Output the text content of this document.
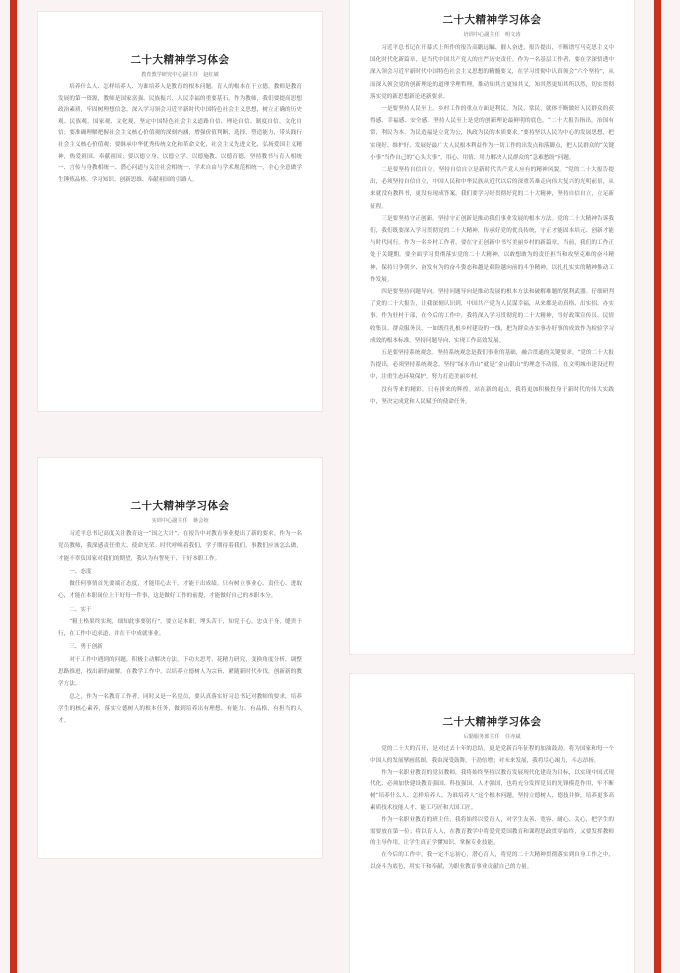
二十大精神学习体会
教育教学研究中心副主任　赵红敏

培养什么人、怎样培养人、为谁培养人是教育的根本问题。育人的根本在于立德。教师是教育发展的第一资源，教师是国家富强、民族振兴、人民幸福的重要基石。作为教师，我们要提高思想政治素质，牢固树理想信念。深入学习领会习近平新时代中国特色社会主义思想，树立正确的历史观、民族观、国家观、文化观，坚定中国特色社会主义道路自信、理论自信、制度自信、文化自信；要准确理解把握社会主义核心价值观的深刻内涵，增强价值判断、选择、塑造能力，带头践行社会主义核心价值观；要继承中华优秀传统文化和革命文化，社会主义先进文化，弘扬爱国主义精神，热爱祖国、奉献祖国；要以德立身、以德立学、以德施教、以德育德，坚持教书与育人相统一、言传与身教相统一、潜心问道与关注社会相统一、学术自由与学术规范相统一，全心全意做学生锤炼品格、学习知识、创新思维、奉献祖国的引路人。

二十大精神学习体会
实训中心副主任　蒋会姣

习近平总书记高度关注教育这一“国之大计”，在报告中对教育事业提出了新的要求。作为一名党员教师，我深感责任重大、使命光荣。时代呼唤着我们，学子期待着我们，事教们应该怎么做，才能不辜负国家对我们的期望，我认为有誓死干、干好本职工作。

一、态度

做任何事情首先要端正态度，才能用心去干，才能干出成绩。只有树立事业心、责任心、进取心，才能在本职岗位上干好每一件事，这是做好工作的前提，才能做好自己的本职本分。

二、实干

“粗土格果终实现，细知此事要躬行”。要立足本职，埋头苦干，知党于心，忠贞于身，缝贵于行，在工作中追求道，并在干中成就事业。

三、勇于创新

对于工作中遇到的问题，积极主动解决方法，下功夫思考，花精力研究，变换角度分析，调整思路推进，找出新的破解。在教学工作中，以培养立德树人为宗旨，紧随新时代步伐，创新新的教学方法。

总之，作为一名教育工作者，同时又是一名党员，要认真落实好习总书记对教师的要求，培养学生的核心素养，落实立德树人的根本任务，做到培养出有理想、有能力、有品格、有担当的人才。

二十大精神学习体会
培训中心副主任　明文涛

习近平总书记在开幕式上所作的报告高瞻远瞩、催人奋进，报告提出，不断谱写马克思主义中国化时代化新篇章，是当代中国共产党人的庄严历史责任。作为一名基层工作者，要在学深悟透中深入领会习近平新时代中国特色社会主义思想的精髓要义，在学习贯彻中认真领会“六个坚持”，从而深入领会党的创新理论的道理学理哲理，推动知其言更知其义，知其然更知其所以然，切实贯彻落实党的新思想新论述新要求。

一是要坚持人民至上。乡村工作的重点方面是利民，为民，常民，就体不断做好人民群众的获得感、幸福感、安全感。坚持人民至上是党的创新理论最鲜明的底色。“二十大报告指出，治国有常，利民为本。为民造福是立党为公，执政为民的本质要求。”要持坚以人民为中心的发展思想，把实现好、维护好、发展好最广大人民根本利益作为一切工作的出发点和落脚点，把人民群众的“关键小事”当作自己的“心头大事”，用心、用情、用力解决人民群众的“急难愁盼”问题。

二是要坚持自信自立。坚持自信自立是新时代共产党人应有的精神风貌。“党的二十大报告提出，必须坚持自信自立，中国人民和中华民族从近代以后的深重苦难走向伟大复兴的光明前景，从来就没有教科书，更没有现成答案。我们要学习好贯彻好党的二十大精神，坚持自信自立，立足新征程。

三是要坚持守正创新。坚持守正创新是推动我们事业发展的根本方法。党的二十大精神告诉我们，我们既要深入学习贯彻党的二十大精神，传承好党的优良传统，守正才能固本培元、创新才能与时代同行。作为一名乡村工作者，要在守正创新中书写美丽乡村的新篇章。当前，我们的工作正处于关键期。要全面学习贯彻落实党的二十大精神，以敢想敢为的责任担当和攻坚克难的奋斗精神，保持只争朝夕、奋发有为的奋斗姿态和越是艰险越向前的斗争精神，以扎扎实实的精神推动工作发展。

四是要坚持问题导向。坚持问题导向是推动发展的根本方法和破解难题的锐利武器。仔细研判了党的二十大报告，让我深刻认识到，中国共产党为人民谋幸福，从来都是动真格、出实招、办实事。作为驻村干部，在今后的工作中，我将深入学习贯彻党的二十大精神，当好政策宣传员、民情收集员、群众服务员，一如既往扎根乡村建设的一线，把为群众办实事办好事的成效作为检验学习成效的根本标准，坚持问题导向，实现工作高效发展。

五是要坚持系统观念。坚持系统观念是我们事业的基础，融合贯通的关键要求。“党的二十大报告提出，必须坚持系统观念。坚持“绿水青山”就是“金山银山”的理念不动摇，在文明城市建设过程中，注重生态环境保护，努力打造美丽乡村。

没有等来的精彩，只有拼来的辉煌。站在新的起点，我将更加积极投身于新时代的伟大实践中，坚决完成党和人民赋予的使命任务。

二十大精神学习体会
后勤服务部主任　任亦斌

党的二十大的召开，是对过去十年的总结，更是党新百年征程的加油鼓劲。将为国家和每一个中国人的发展擘画蓝图，我由深受鼓舞，干劲倍增；对未来发展，我将尽心竭力，斗志昂扬。

作为一名职业教育的党员教师，我将始终坚持以教育发展现代化建设为目标，以实现中国式现代化、必须加快建设教育强国、科技强国、人才强国，也将充分发挥党员的先锋模范作用，牢不断树“培养什么人、怎样培养人、为谁培养人”这个根本问题，坚持立德树人，德技并修，培养更多高素质技术技能人才、能工巧匠和大国工匠。

作为一名职业教育的班主任，我将始终以爱育人，对学生友善、宽容、耐心、关心，把学生的需要放在第一位；将以育人人，在教育教学中将爱党爱国教育和课程思政贯穿始终，又要发挥教师的主导作用，让学生真正学懂知识、掌握专业技能。

在今后的工作中，我一定不忘初心，潜心育人，将党的二十大精神贯彻落实到自身工作之中，以奋斗为底色，用实干和奉献，为职业教育事业贡献自己的力量。
